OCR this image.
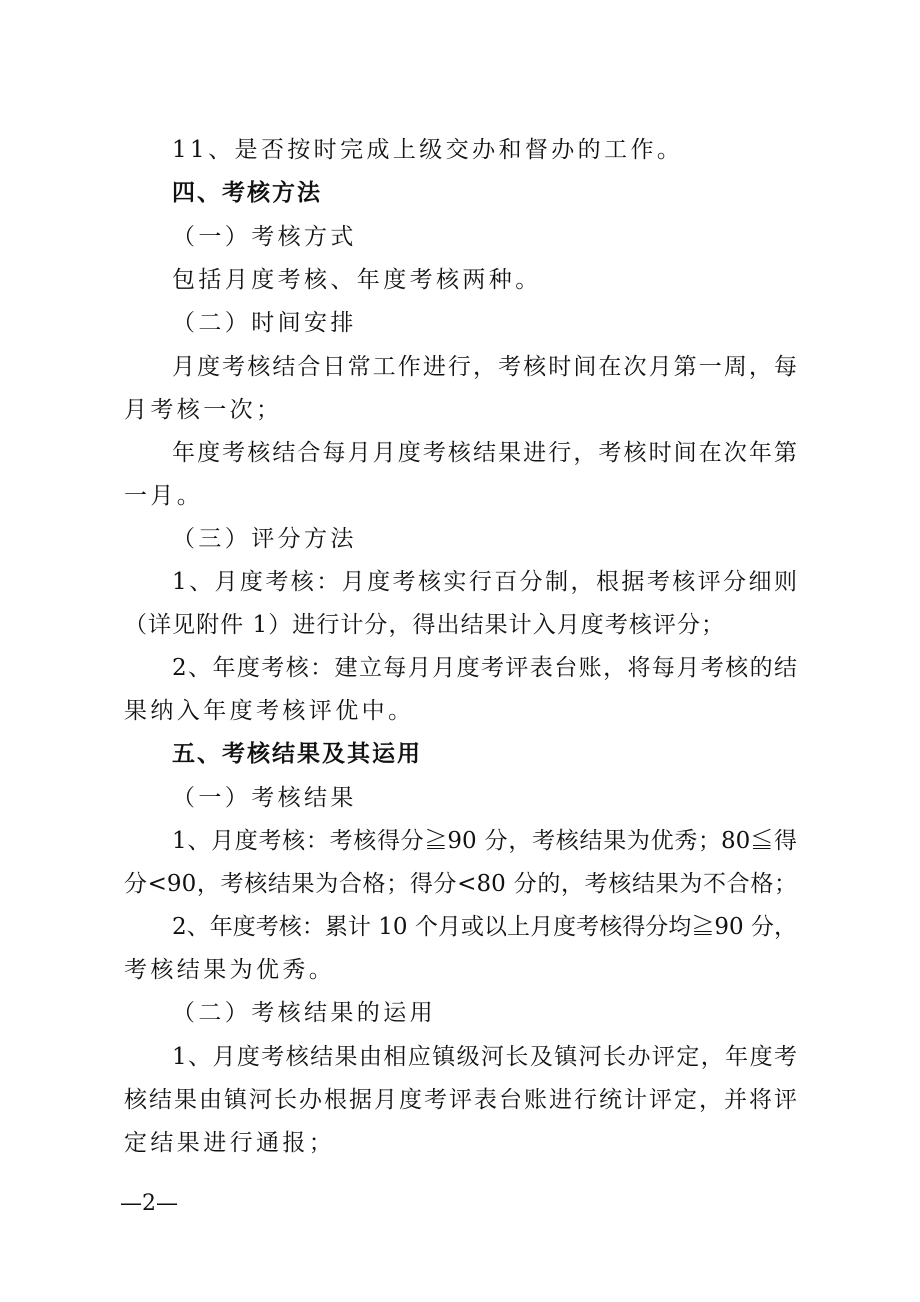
11、是否按时完成上级交办和督办的工作。
四、考核方法
（一）考核方式
包括月度考核、年度考核两种。
（二）时间安排
月度考核结合日常工作进行，考核时间在次月第一周，每
月考核一次；
年度考核结合每月月度考核结果进行，考核时间在次年第
一月。
（三）评分方法
1、月度考核：月度考核实行百分制，根据考核评分细则
（详见附件 1）进行计分，得出结果计入月度考核评分；
2、年度考核：建立每月月度考评表台账，将每月考核的结
果纳入年度考核评优中。
五、考核结果及其运用
（一）考核结果
1、月度考核：考核得分≧90 分，考核结果为优秀；80≦得
分<90，考核结果为合格；得分<80 分的，考核结果为不合格；
2、年度考核：累计 10 个月或以上月度考核得分均≧90 分，
考核结果为优秀。
（二）考核结果的运用
1、月度考核结果由相应镇级河长及镇河长办评定，年度考
核结果由镇河长办根据月度考评表台账进行统计评定，并将评
定结果进行通报；
—2—
